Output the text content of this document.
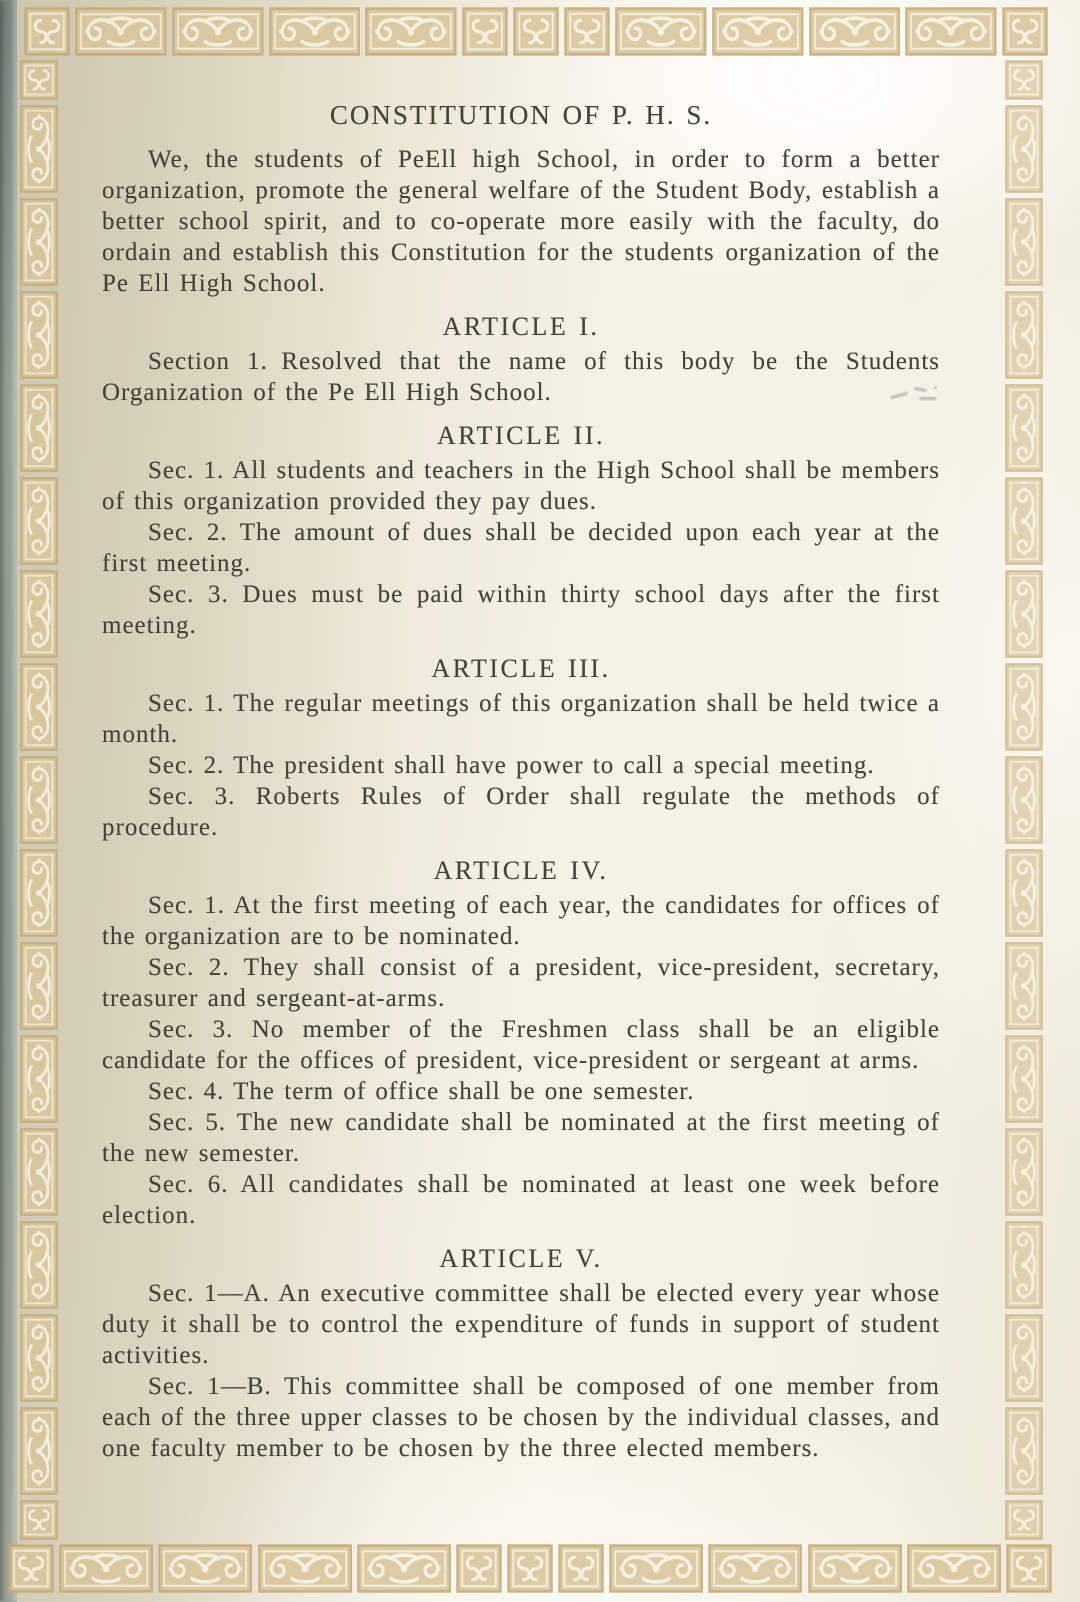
CONSTITUTION OF P. H. S.

We, the students of PeEll high School, in order to form a better organization, promote the general welfare of the Student Body, establish a better school spirit, and to co-operate more easily with the faculty, do ordain and establish this Constitution for the students organization of the Pe Ell High School.

ARTICLE I.

Section 1. Resolved that the name of this body be the Students Organization of the Pe Ell High School.

ARTICLE II.

Sec. 1. All students and teachers in the High School shall be members of this organization provided they pay dues.

Sec. 2. The amount of dues shall be decided upon each year at the first meeting.

Sec. 3. Dues must be paid within thirty school days after the first meeting.

ARTICLE III.

Sec. 1. The regular meetings of this organization shall be held twice a month.

Sec. 2. The president shall have power to call a special meeting.

Sec. 3. Roberts Rules of Order shall regulate the methods of procedure.

ARTICLE IV.

Sec. 1. At the first meeting of each year, the candidates for offices of the organization are to be nominated.

Sec. 2. They shall consist of a president, vice-president, secretary, treasurer and sergeant-at-arms.

Sec. 3. No member of the Freshmen class shall be an eligible candidate for the offices of president, vice-president or sergeant at arms.

Sec. 4. The term of office shall be one semester.

Sec. 5. The new candidate shall be nominated at the first meeting of the new semester.

Sec. 6. All candidates shall be nominated at least one week before election.

ARTICLE V.

Sec. 1—A. An executive committee shall be elected every year whose duty it shall be to control the expenditure of funds in support of student activities.

Sec. 1—B. This committee shall be composed of one member from each of the three upper classes to be chosen by the individual classes, and one faculty member to be chosen by the three elected members.
